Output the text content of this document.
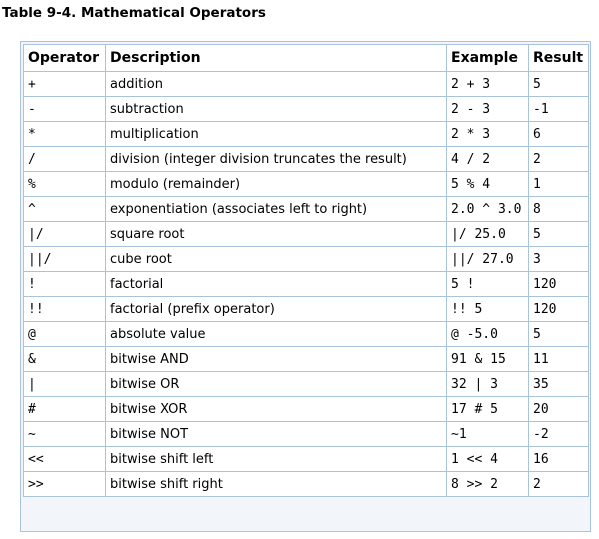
Table 9-4. Mathematical Operators
Operator	Description	Example	Result
+	addition	2 + 3	5
-	subtraction	2 - 3	-1
*	multiplication	2 * 3	6
/	division (integer division truncates the result)	4 / 2	2
%	modulo (remainder)	5 % 4	1
^	exponentiation (associates left to right)	2.0 ^ 3.0	8
|/	square root	|/ 25.0	5
||/	cube root	||/ 27.0	3
!	factorial	5 !	120
!!	factorial (prefix operator)	!! 5	120
@	absolute value	@ -5.0	5
&	bitwise AND	91 & 15	11
|	bitwise OR	32 | 3	35
#	bitwise XOR	17 # 5	20
~	bitwise NOT	~1	-2
<<	bitwise shift left	1 << 4	16
>>	bitwise shift right	8 >> 2	2
